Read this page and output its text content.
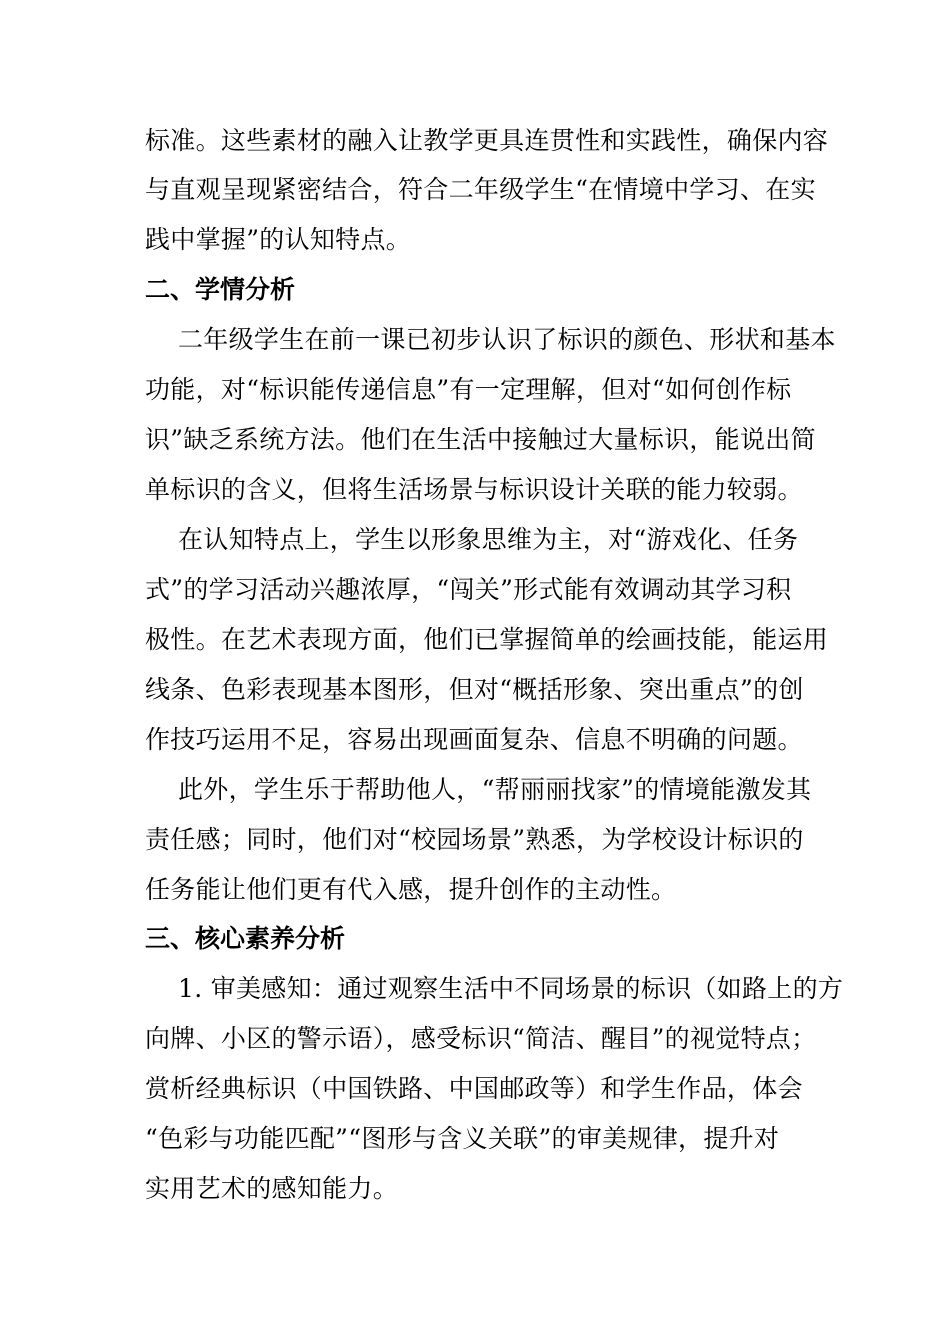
标准。这些素材的融入让教学更具连贯性和实践性，确保内容
与直观呈现紧密结合，符合二年级学生“在情境中学习、在实
践中掌握”的认知特点。
二、学情分析
二年级学生在前一课已初步认识了标识的颜色、形状和基本
功能，对“标识能传递信息”有一定理解，但对“如何创作标
识”缺乏系统方法。他们在生活中接触过大量标识，能说出简
单标识的含义，但将生活场景与标识设计关联的能力较弱。
在认知特点上，学生以形象思维为主，对“游戏化、任务
式”的学习活动兴趣浓厚，“闯关”形式能有效调动其学习积
极性。在艺术表现方面，他们已掌握简单的绘画技能，能运用
线条、色彩表现基本图形，但对“概括形象、突出重点”的创
作技巧运用不足，容易出现画面复杂、信息不明确的问题。
此外，学生乐于帮助他人，“帮丽丽找家”的情境能激发其
责任感；同时，他们对“校园场景”熟悉，为学校设计标识的
任务能让他们更有代入感，提升创作的主动性。
三、核心素养分析
1. 审美感知：通过观察生活中不同场景的标识（如路上的方
向牌、小区的警示语），感受标识“简洁、醒目”的视觉特点；
赏析经典标识（中国铁路、中国邮政等）和学生作品，体会
“色彩与功能匹配”“图形与含义关联”的审美规律，提升对
实用艺术的感知能力。
